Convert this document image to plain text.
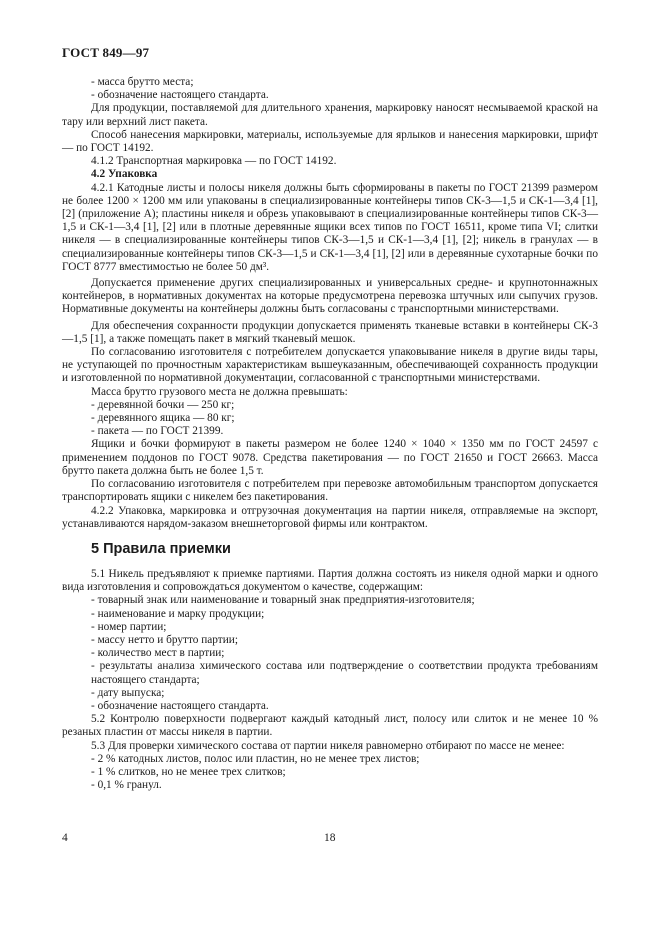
ГОСТ 849—97

- масса брутто места;

- обозначение настоящего стандарта.

Для продукции, поставляемой для длительного хранения, маркировку наносят несмываемой краской на тару или верхний лист пакета.

Способ нанесения маркировки, материалы, используемые для ярлыков и нанесения маркировки, шрифт — по ГОСТ 14192.

4.1.2 Транспортная маркировка — по ГОСТ 14192.

4.2 Упаковка

4.2.1 Катодные листы и полосы никеля должны быть сформированы в пакеты по ГОСТ 21399 размером не более 1200 × 1200 мм или упакованы в специализированные контейнеры типов СК-3—1,5 и СК-1—3,4 [1], [2] (приложение А); пластины никеля и обрезь упаковывают в специализированные контейнеры типов СК-3—1,5 и СК-1—3,4 [1], [2] или в плотные деревянные ящики всех типов по ГОСТ 16511, кроме типа VI; слитки никеля — в специализированные контейнеры типов СК-3—1,5 и СК-1—3,4 [1], [2]; никель в гранулах — в специализированные контейнеры типов СК-3—1,5 и СК-1—3,4 [1], [2] или в деревянные сухотарные бочки по ГОСТ 8777 вместимостью не более 50 дм³.

Допускается применение других специализированных и универсальных средне- и крупнотоннажных контейнеров, в нормативных документах на которые предусмотрена перевозка штучных или сыпучих грузов. Нормативные документы на контейнеры должны быть согласованы с транспортными министерствами.

Для обеспечения сохранности продукции допускается применять тканевые вставки в контейнеры СК-3—1,5 [1], а также помещать пакет в мягкий тканевый мешок.

По согласованию изготовителя с потребителем допускается упаковывание никеля в другие виды тары, не уступающей по прочностным характеристикам вышеуказанным, обеспечивающей сохранность продукции и изготовленной по нормативной документации, согласованной с транспортными министерствами.

Масса брутто грузового места не должна превышать:

- деревянной бочки — 250 кг;

- деревянного ящика — 80 кг;

- пакета — по ГОСТ 21399.

Ящики и бочки формируют в пакеты размером не более 1240 × 1040 × 1350 мм по ГОСТ 24597 с применением поддонов по ГОСТ 9078. Средства пакетирования — по ГОСТ 21650 и ГОСТ 26663. Масса брутто пакета должна быть не более 1,5 т.

По согласованию изготовителя с потребителем при перевозке автомобильным транспортом допускается транспортировать ящики с никелем без пакетирования.

4.2.2 Упаковка, маркировка и отгрузочная документация на партии никеля, отправляемые на экспорт, устанавливаются нарядом-заказом внешнеторговой фирмы или контрактом.

5 Правила приемки

5.1 Никель предъявляют к приемке партиями. Партия должна состоять из никеля одной марки и одного вида изготовления и сопровождаться документом о качестве, содержащим:

- товарный знак или наименование и товарный знак предприятия-изготовителя;

- наименование и марку продукции;

- номер партии;

- массу нетто и брутто партии;

- количество мест в партии;

- результаты анализа химического состава или подтверждение о соответствии продукта требованиям настоящего стандарта;

- дату выпуска;

- обозначение настоящего стандарта.

5.2 Контролю поверхности подвергают каждый катодный лист, полосу или слиток и не менее 10 % резаных пластин от массы никеля в партии.

5.3 Для проверки химического состава от партии никеля равномерно отбирают по массе не менее:

- 2 % катодных листов, полос или пластин, но не менее трех листов;

- 1 % слитков, но не менее трех слитков;

- 0,1 % гранул.

4	18
